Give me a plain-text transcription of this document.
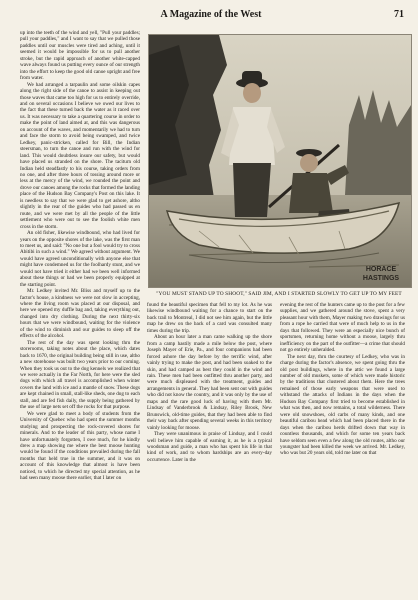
A Magazine of the West	71

up into the teeth of the wind and yell, "Pull your paddles; pull your paddles," and I want to say that we pulled those paddles until our muscles were tired and aching, until it seemed it would be impossible for us to pull another stroke, but the rapid approach of another white-capped wave always found us putting every ounce of our strength into the effort to keep the good old canoe upright and free from water.

We had arranged a tarpaulin and some oilskin capes along the right side of the canoe to assist in keeping out those waves that came too high for us to entirely override, and on several occasions I believe we owed our lives to the fact that these turned back the water as it raced over us. It was necessary to take a quartering course in order to make the point of land aimed at, and this was dangerous on account of the waves, and momentarily we had to turn and face the storm to avoid being swamped, and twice Ledkey, panic-stricken, called for Bill, the Indian steersman, to turn the canoe and run with the wind for land. This would doubtless insure our safety, but would have placed us stranded on the shore. The taciturn old Indian held steadfastly to his course, taking orders from no one, and after three hours of tossing around more or less at the mercy of the wind, we rounded the point and drove our canoes among the rocks that formed the landing place of the Hudson Bay Company's Post on this lake. It is needless to say that we were glad to get ashore, altho slightly in the rear of the guides who had passed us en route, and we were met by all the people of the little settlement who were out to see the foolish white men cross in the storm.

An old fisher, likewise windbound, who had lived for years on the opposite shores of the lake, was the first man to meet us, and said: "No one but a fool would try to cross Abitibi in such a wind." We agreed without argument. We would have agreed unconditionally with anyone else that might have condemned us for the foolhardy stunt, and we would not have tried it either had we been well informed about these things or had we been properly equipped at the starting point.

Mr. Ledkey invited Mr. Bliss and myself up to the factor's house, a kindness we were not slow in accepting, where the living room was placed at our disposal, and here we opened my duffle bag and, taking everything out, changed into dry clothing. During the next thirty-six hours that we were windbound, waiting for the violence of the wind to diminish and our guides to sleep off the effects of the alcohol.

The rest of the day was spent looking thru the storerooms, taking notes about the place, which dates back to 1670, the original building being still in use, altho a new storehouse was built two years prior to our coming. When they took us out to the dog kennels we realized that we were actually in the Far North, for here were the sled dogs with which all travel is accomplished when winter covers the land with ice and a mantle of snow. These dogs are kept chained in small, stall-like sheds, one dog to each stall, and are fed fish daily, the supply being gathered by the use of large nets set off the rocks for that purpose.

We were glad to meet a body of students from the University of Quebec who had spent the summer months studying and prospecting the rock-covered shores for minerals. And to the leader of this party, whose name I have unfortunately forgotten, I owe much, for he kindly drew a map showing me where the best moose hunting would be found if the conditions prevailed during the fall months that held true in the summer, and it was on account of this knowledge that almost is have been noticed, to which he directed my special attention, as he had seen many moose there earlier, that I later on

HORACE
HASTINGS
"YOU MUST STAND UP TO SHOOT," SAID JIM, AND I STARTED SLOWLY TO GET UP TO MY FEET

found the beautiful specimen that fell to my lot. As he was likewise windbound waiting for a chance to start on the back trail to Montreal, I did not see him again, but the little map he drew on the back of a card was consulted many times during the trip.

About an hour later a man came walking up the shore from a camp hastily made a mile below the post, where Joseph Mayer of Erie, Pa., and four companions had been forced ashore the day before by the terrific wind, after vainly trying to make the post, and had been soaked to the skin, and had camped as best they could in the wind and rain. These men had been outfitted thru another party, and were much displeased with the treatment, guides and arrangements in general. They had been sent out with guides who did not know the country, and it was only by the use of maps and the rare good luck of having with them Mr. Lindsay of Vanderbrook & Lindsay, Riley Brook, New Brunswick, old-time guides, that they had been able to find their way back after spending several weeks in this territory vainly looking for moose.

They were unanimous in praise of Lindsay, and I could well believe him capable of earning it, as he is a typical woodsman and guide, a man who has spent his life in that kind of work, and to whom hardships are an every-day occurrence. Later in the

evening the rest of the hunters came up to the post for a few supplies, and we gathered around the stove, spent a very pleasant hour with them, Mayer making two drawings for us from a rope he carried that were of much help to us in the days that followed. They were an especially nice bunch of sportsmen, returning home without a moose, largely thru inefficiency on the part of the outfitter—a crime that should not go entirely unheralded.

The next day, thru the courtesy of Ledkey, who was in charge during the factor's absence, we spent going thru the old post buildings, where in the attic we found a large number of old muskets, some of which were made historic by the traditions that clustered about them. Here the trees remained of those early weapons that were used to withstand the attacks of Indians in the days when the Hudson Bay Company first tried to become established in what was then, and now remains, a total wilderness. There were old snowshoes, old carbs of many kinds, and one beautiful caribou head which had been placed there in the days when the caribou herds drifted down that way in countless thousands, and which for some ten years back have seldom seen even a few along the old routes, altho our youngster had been killed the week we arrived. Mr. Ledkey, who was but 20 years old, told me later on that
